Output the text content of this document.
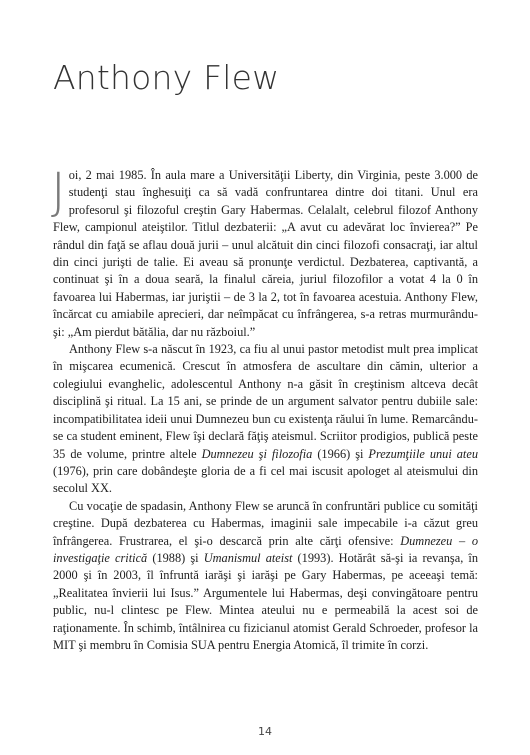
Anthony Flew

Joi, 2 mai 1985. În aula mare a Universităţii Liberty, din Virginia, peste 3.000 de studenţi stau înghesuiţi ca să vadă confruntarea dintre doi titani. Unul era profesorul şi filozoful creştin Gary Habermas. Celalalt, celebrul filozof Anthony Flew, campionul ateiştilor. Titlul dezbaterii: „A avut cu adevărat loc învierea?” Pe rândul din faţă se aflau două jurii – unul alcătuit din cinci filozofi consacraţi, iar altul din cinci jurişti de talie. Ei aveau să pronunţe verdictul. Dezbaterea, captivantă, a continuat şi în a doua seară, la finalul căreia, juriul filozofilor a votat 4 la 0 în favoarea lui Habermas, iar juriştii – de 3 la 2, tot în favoarea acestuia. Anthony Flew, încărcat cu amiabile aprecieri, dar neîmpăcat cu înfrângerea, s-a retras murmurându-şi: „Am pierdut bătălia, dar nu războiul.”

Anthony Flew s-a născut în 1923, ca fiu al unui pastor metodist mult prea implicat în mişcarea ecumenică. Crescut în atmosfera de ascultare din cămin, ulterior a colegiului evanghelic, adolescentul Anthony n-a găsit în creştinism altceva decât disciplină şi ritual. La 15 ani, se prinde de un argument salvator pentru dubiile sale: incompatibilitatea ideii unui Dumnezeu bun cu existenţa răului în lume. Remarcându-se ca student eminent, Flew îşi declară făţiş ateismul. Scriitor prodigios, publică peste 35 de volume, printre altele Dumnezeu şi filozofia (1966) şi Prezumţiile unui ateu (1976), prin care dobândeşte gloria de a fi cel mai iscusit apologet al ateismului din secolul XX.

Cu vocaţie de spadasin, Anthony Flew se aruncă în confruntări publice cu somităţi creştine. După dezbaterea cu Habermas, imaginii sale impecabile i-a căzut greu înfrângerea. Frustrarea, el şi-o descarcă prin alte cărţi ofensive: Dumnezeu – o investigaţie critică (1988) şi Umanismul ateist (1993). Hotărât să-şi ia revanşa, în 2000 şi în 2003, îl înfruntă iarăşi şi iarăşi pe Gary Habermas, pe aceeaşi temă: „Realitatea învierii lui Isus.” Argumentele lui Habermas, deşi convingătoare pentru public, nu-l clintesc pe Flew. Mintea ateului nu e permeabilă la acest soi de raţionamente. În schimb, întâlnirea cu fizicianul atomist Gerald Schroeder, profesor la MIT şi membru în Comisia SUA pentru Energia Atomică, îl trimite în corzi.

14
